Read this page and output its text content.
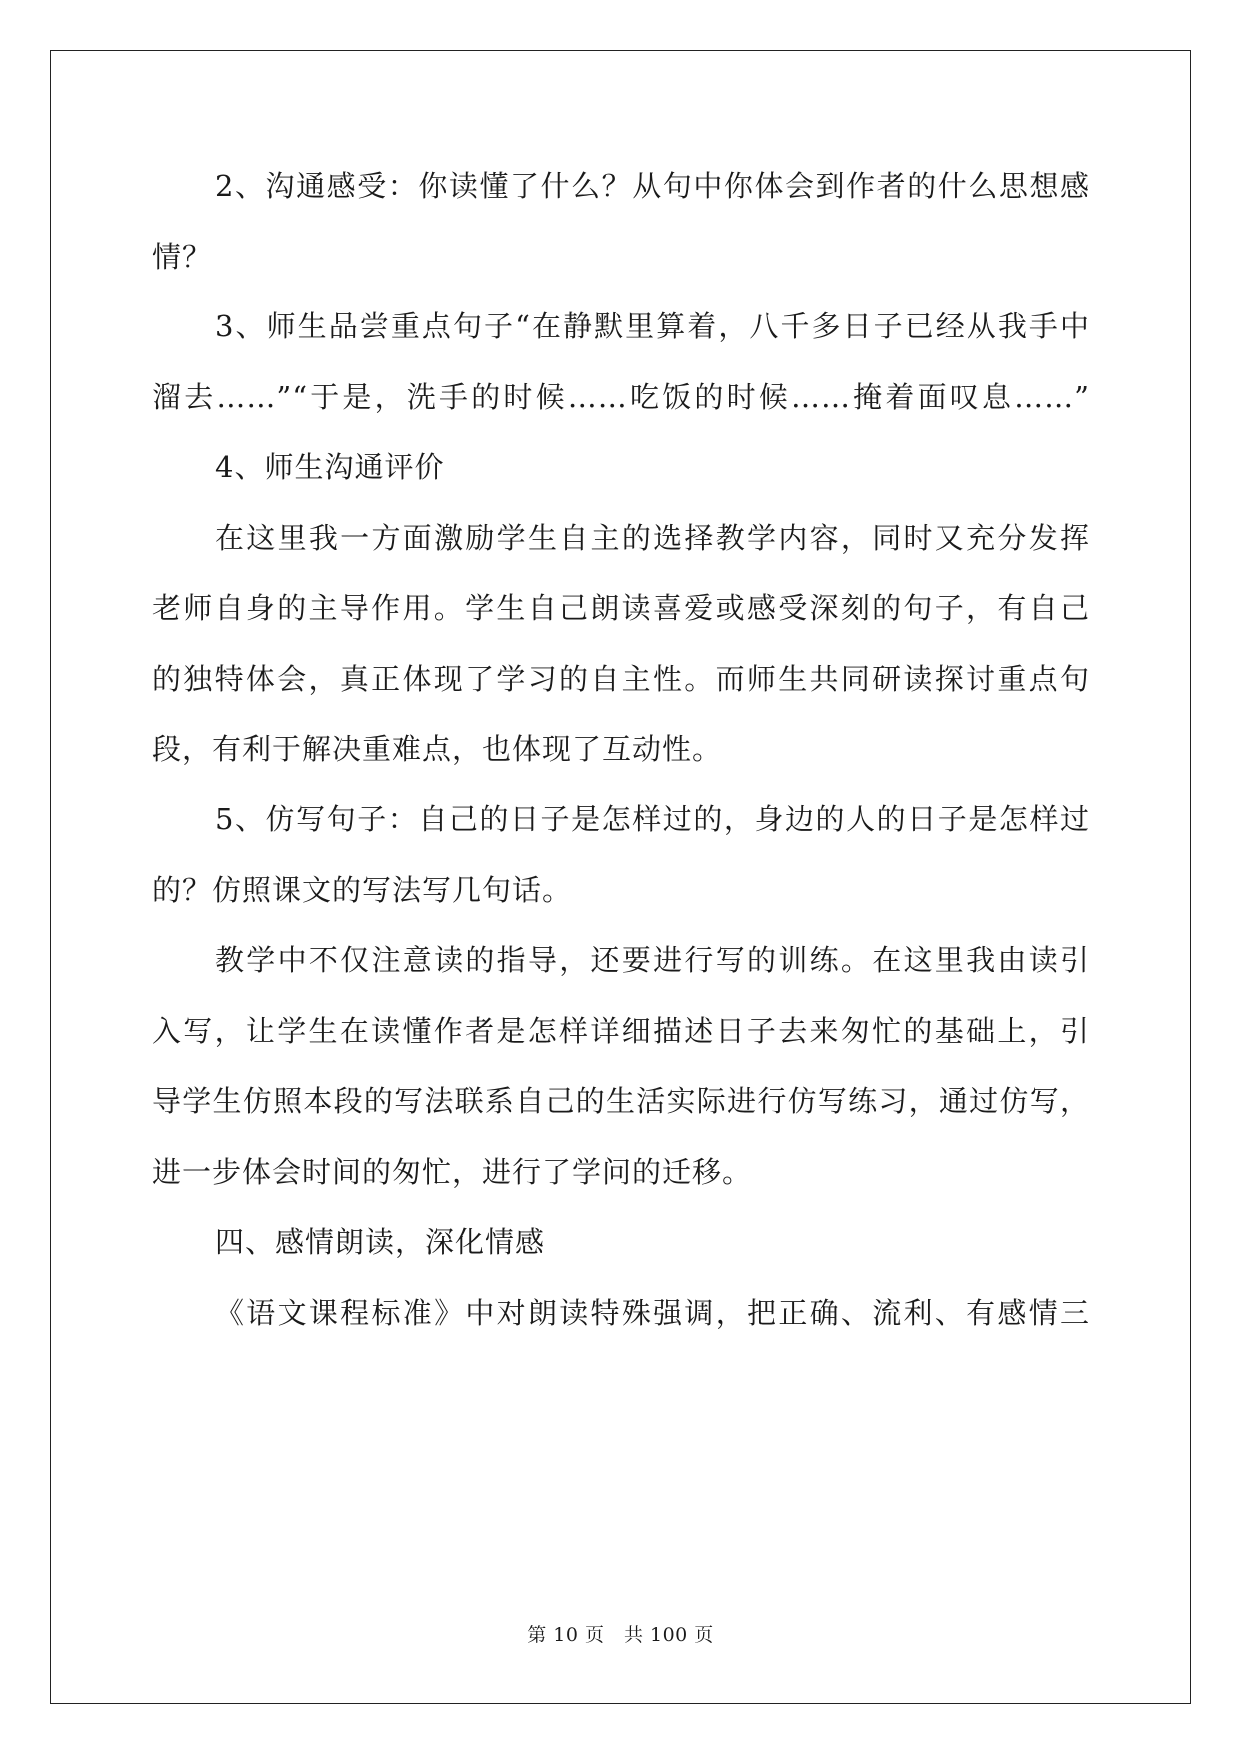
2、沟通感受：你读懂了什么？从句中你体会到作者的什么思想感
情？
3、师生品尝重点句子“在静默里算着，八千多日子已经从我手中
溜去……”“于是，洗手的时候……吃饭的时候……掩着面叹息……”
4、师生沟通评价
在这里我一方面激励学生自主的选择教学内容，同时又充分发挥
老师自身的主导作用。学生自己朗读喜爱或感受深刻的句子，有自己
的独特体会，真正体现了学习的自主性。而师生共同研读探讨重点句
段，有利于解决重难点，也体现了互动性。
5、仿写句子：自己的日子是怎样过的，身边的人的日子是怎样过
的？仿照课文的写法写几句话。
教学中不仅注意读的指导，还要进行写的训练。在这里我由读引
入写，让学生在读懂作者是怎样详细描述日子去来匆忙的基础上，引
导学生仿照本段的写法联系自己的生活实际进行仿写练习，通过仿写，
进一步体会时间的匆忙，进行了学问的迁移。
四、感情朗读，深化情感
《语文课程标准》中对朗读特殊强调，把正确、流利、有感情三
第 10 页　共 100 页
